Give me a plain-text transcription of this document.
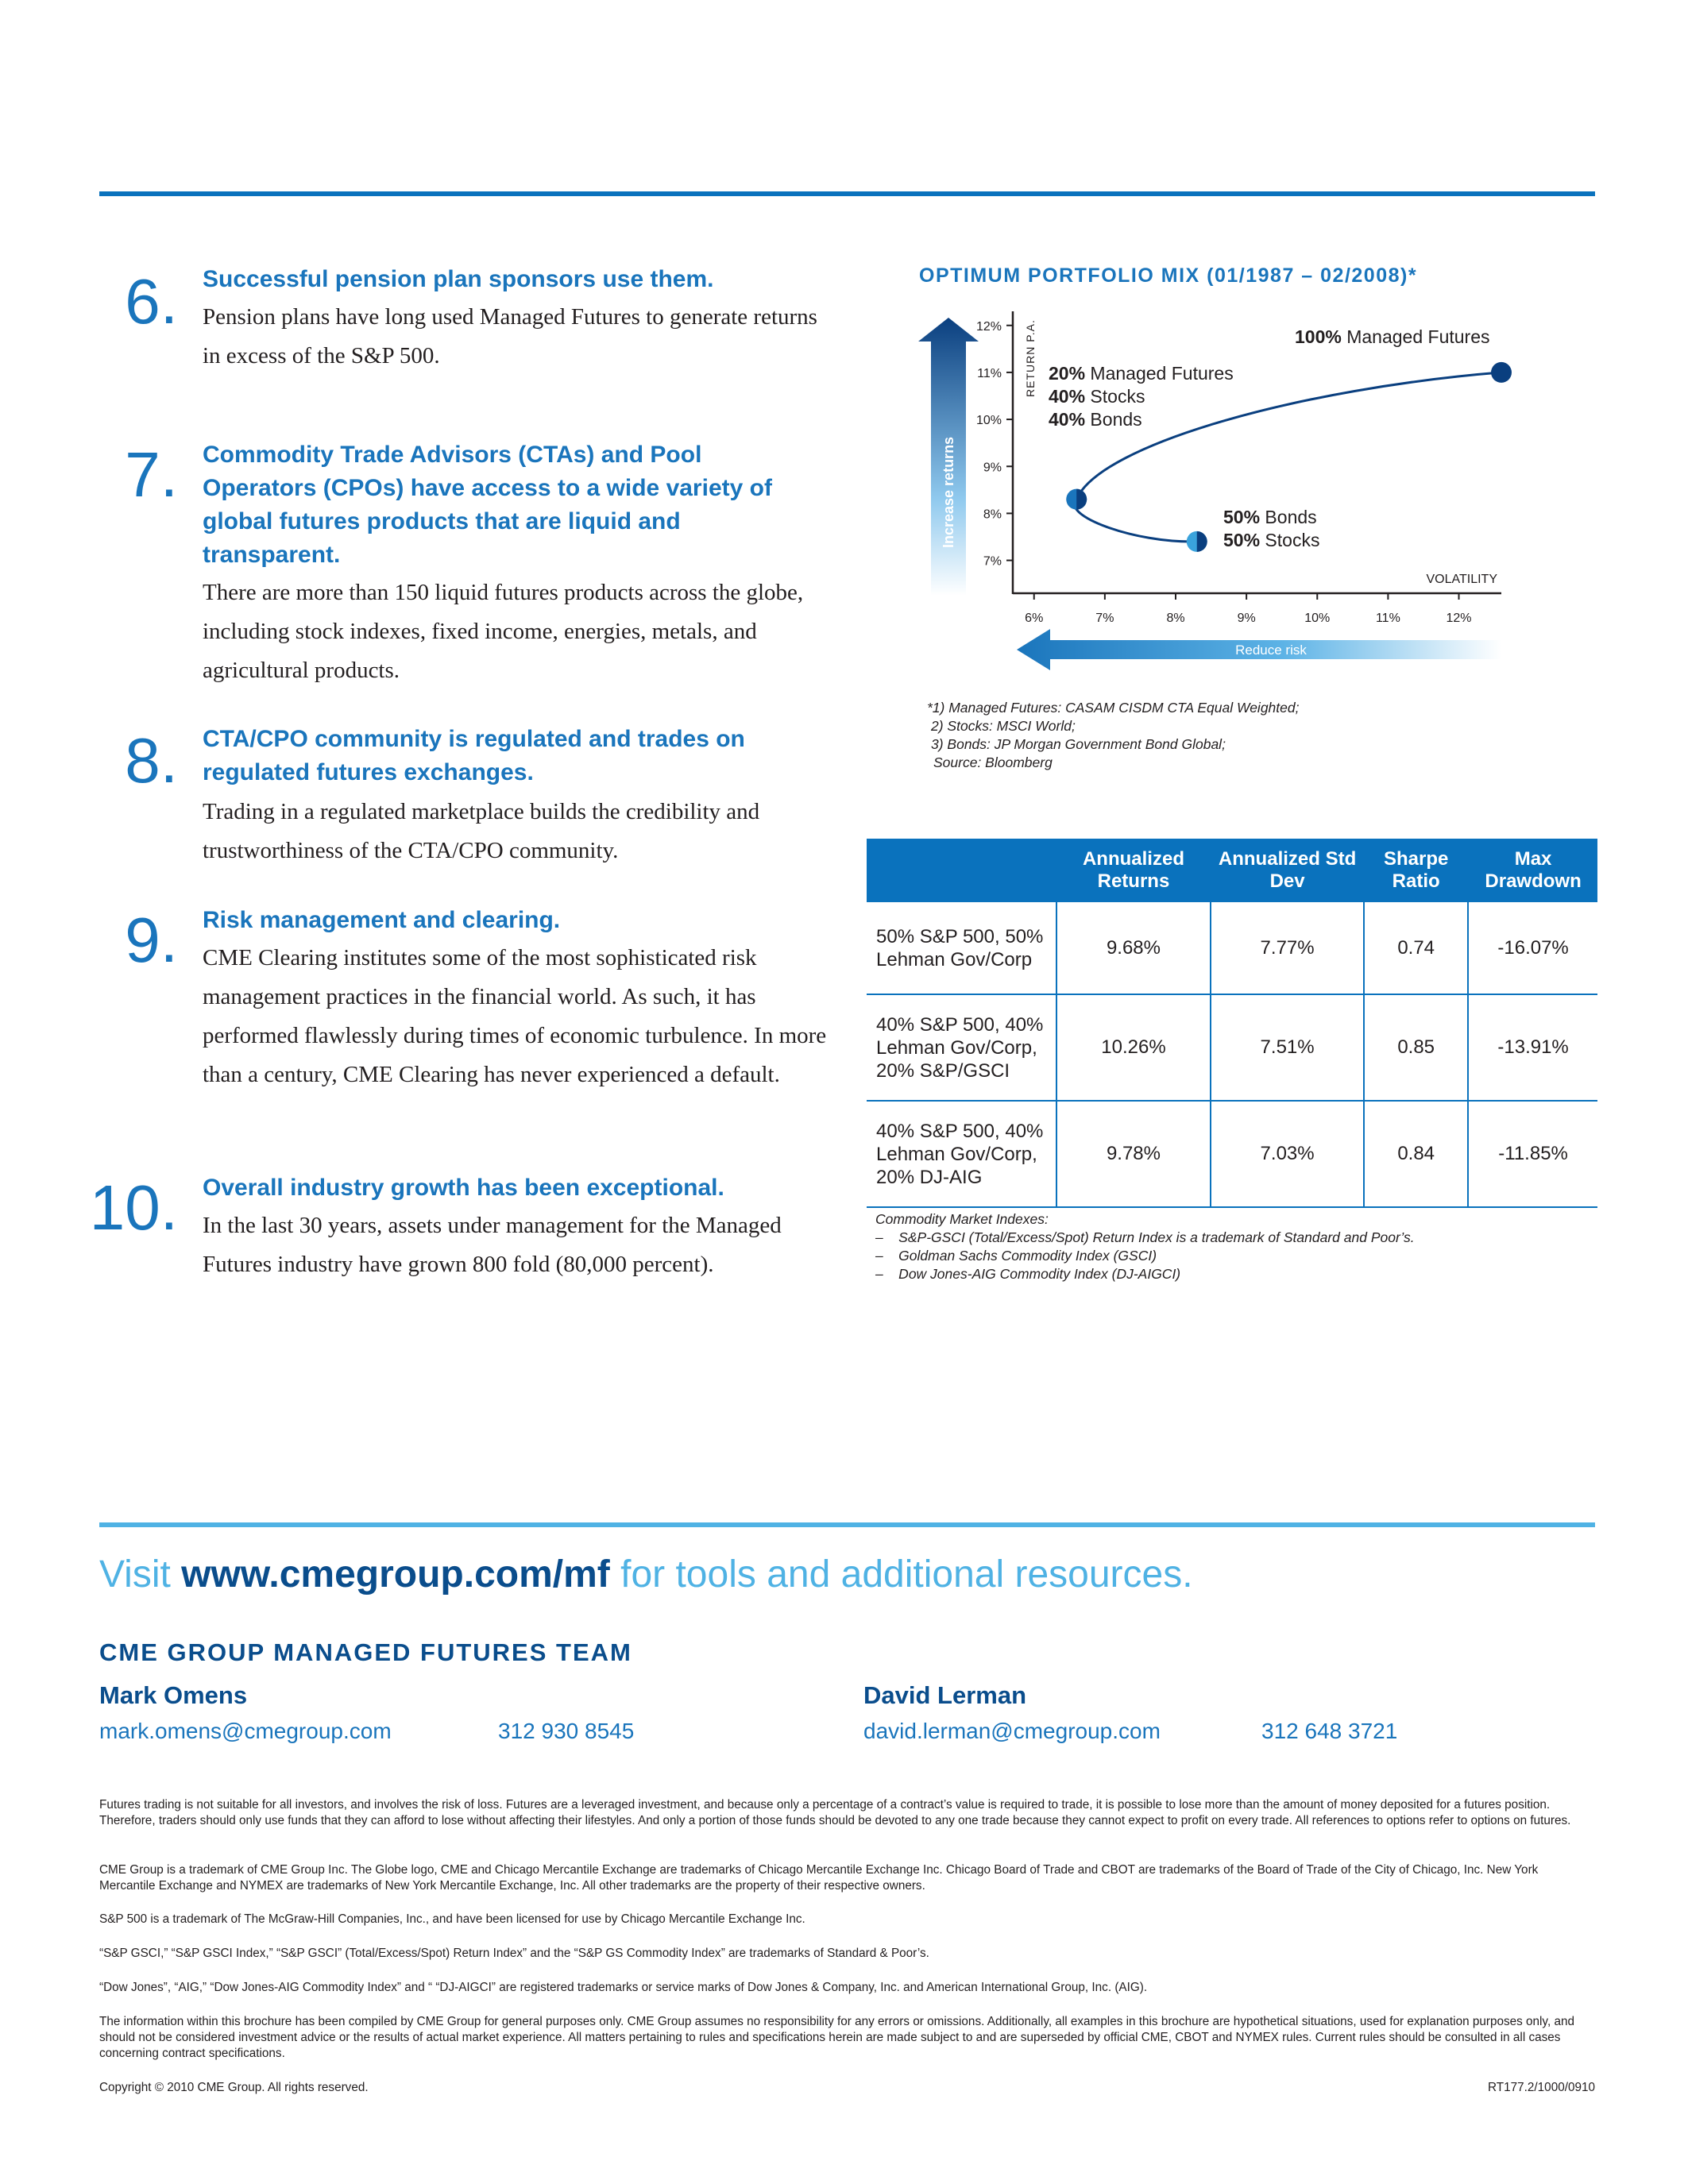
6. Successful pension plan sponsors use them.
Pension plans have long used Managed Futures to generate returns in excess of the S&P 500.
7. Commodity Trade Advisors (CTAs) and Pool Operators (CPOs) have access to a wide variety of global futures products that are liquid and transparent.
There are more than 150 liquid futures products across the globe, including stock indexes, fixed income, energies, metals, and agricultural products.
8. CTA/CPO community is regulated and trades on regulated futures exchanges.
Trading in a regulated marketplace builds the credibility and trustworthiness of the CTA/CPO community.
9. Risk management and clearing.
CME Clearing institutes some of the most sophisticated risk management practices in the financial world. As such, it has performed flawlessly during times of economic turbulence. In more than a century, CME Clearing has never experienced a default.
10. Overall industry growth has been exceptional.
In the last 30 years, assets under management for the Managed Futures industry have grown 800 fold (80,000 percent).
OPTIMUM PORTFOLIO MIX (01/1987 – 02/2008)*
Increase returns
Reduce risk
RETURN P.A.
VOLATILITY
12%
11%
10%
9%
8%
7%
6%	7%	8%	9%	10%	11%	12%
100% Managed Futures
20% Managed Futures
40% Stocks
40% Bonds
50% Bonds
50% Stocks
*1) Managed Futures: CASAM CISDM CTA Equal Weighted;
2) Stocks: MSCI World;
3) Bonds: JP Morgan Government Bond Global;
Source: Bloomberg
	Annualized Returns	Annualized Std Dev	Sharpe Ratio	Max Drawdown
50% S&P 500, 50% Lehman Gov/Corp	9.68%	7.77%	0.74	-16.07%
40% S&P 500, 40% Lehman Gov/Corp, 20% S&P/GSCI	10.26%	7.51%	0.85	-13.91%
40% S&P 500, 40% Lehman Gov/Corp, 20% DJ-AIG	9.78%	7.03%	0.84	-11.85%
Commodity Market Indexes:
–    S&P-GSCI (Total/Excess/Spot) Return Index is a trademark of Standard and Poor’s.
–    Goldman Sachs Commodity Index (GSCI)
–    Dow Jones-AIG Commodity Index (DJ-AIGCI)
Visit www.cmegroup.com/mf for tools and additional resources.
CME GROUP MANAGED FUTURES TEAM
Mark Omens
mark.omens@cmegroup.com	312 930 8545
David Lerman
david.lerman@cmegroup.com	312 648 3721
Futures trading is not suitable for all investors, and involves the risk of loss. Futures are a leveraged investment, and because only a percentage of a contract’s value is required to trade, it is possible to lose more than the amount of money deposited for a futures position. Therefore, traders should only use funds that they can afford to lose without affecting their lifestyles. And only a portion of those funds should be devoted to any one trade because they cannot expect to profit on every trade. All references to options refer to options on futures.
CME Group is a trademark of CME Group Inc. The Globe logo, CME and Chicago Mercantile Exchange are trademarks of Chicago Mercantile Exchange Inc. Chicago Board of Trade and CBOT are trademarks of the Board of Trade of the City of Chicago, Inc. New York Mercantile Exchange and NYMEX are trademarks of New York Mercantile Exchange, Inc. All other trademarks are the property of their respective owners.
S&P 500 is a trademark of The McGraw-Hill Companies, Inc., and have been licensed for use by Chicago Mercantile Exchange Inc.
“S&P GSCI,” “S&P GSCI Index,” “S&P GSCI” (Total/Excess/Spot) Return Index” and the “S&P GS Commodity Index” are trademarks of Standard & Poor’s.
“Dow Jones”, “AIG,” “Dow Jones-AIG Commodity Index” and “ “DJ-AIGCI” are registered trademarks or service marks of Dow Jones & Company, Inc. and American International Group, Inc. (AIG).
The information within this brochure has been compiled by CME Group for general purposes only. CME Group assumes no responsibility for any errors or omissions. Additionally, all examples in this brochure are hypothetical situations, used for explanation purposes only, and should not be considered investment advice or the results of actual market experience. All matters pertaining to rules and specifications herein are made subject to and are superseded by official CME, CBOT and NYMEX rules. Current rules should be consulted in all cases concerning contract specifications.
Copyright © 2010 CME Group. All rights reserved.	RT177.2/1000/0910
